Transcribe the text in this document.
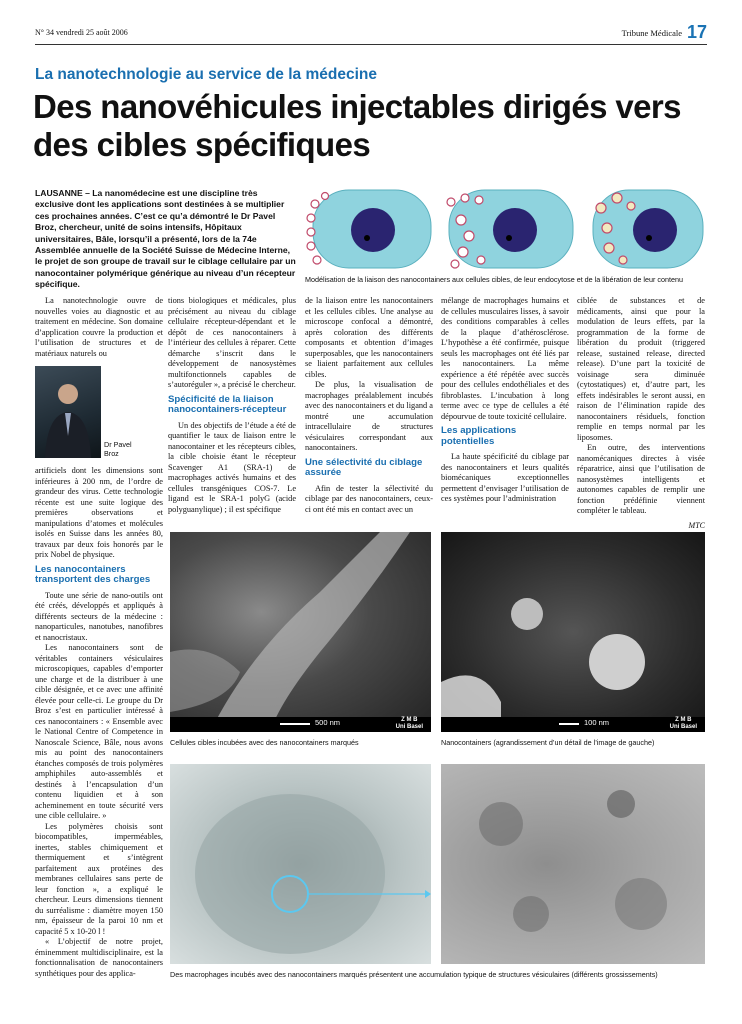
N° 34 vendredi 25 août 2006	Tribune Médicale 17
La nanotechnologie au service de la médecine
Des nanovéhicules injectables dirigés vers des cibles spécifiques
LAUSANNE – La nanomédecine est une discipline très exclusive dont les applications sont destinées à se multiplier ces prochaines années. C’est ce qu’a démontré le Dr Pavel Broz, chercheur, unité de soins intensifs, Hôpitaux universitaires, Bâle, lorsqu’il a présenté, lors de la 74e Assemblée annuelle de la Société Suisse de Médecine Interne, le projet de son groupe de travail sur le ciblage cellulaire par un nanocontainer polymérique générique au niveau d’un récepteur spécifique.	Modélisation de la liaison des nanocontainers aux cellules cibles, de leur endocytose et de la libération de leur contenu

La nanotechnologie ouvre de nouvelles voies au diagnostic et au traitement en médecine. Son domaine d’application couvre la production et l’utilisation de structures et de matériaux naturels ou

Dr Pavel
Broz

artificiels dont les dimensions sont inférieures à 200 nm, de l’ordre de grandeur des virus. Cette technologie récente est une suite logique des premières observations et manipulations d’atomes et molécules isolés en Suisse dans les années 80, travaux par deux fois honorés par le prix Nobel de physique.

Les nanocontainers transportent des charges

Toute une série de nano-outils ont été créés, développés et appliqués à différents secteurs de la médecine : nanoparticules, nanotubes, nanofibres et nanocristaux.

Les nanocontainers sont de véritables containers vésiculaires microscopiques, capables d’emporter une charge et de la distribuer à une cible désignée, et ce avec une affinité élevée pour celle-ci. Le groupe du Dr Broz s’est en particulier intéressé à ces nanocontainers : « Ensemble avec le National Centre of Competence in Nanoscale Science, Bâle, nous avons mis au point des nanocontainers étanches composés de trois polymères amphiphiles auto-assemblés et destinés à l’encapsulation d’un contenu liquidien et à son acheminement en toute sécurité vers une cible cellulaire. »

Les polymères choisis sont biocompatibles, imperméables, inertes, stables chimiquement et thermiquement et s’intègrent parfaitement aux protéines des membranes cellulaires sans perte de leur fonction », a expliqué le chercheur. Leurs dimensions tiennent du surréalisme : diamètre moyen 150 nm, épaisseur de la paroi 10 nm et capacité 5 x 10-20 l !

« L’objectif de notre projet, éminemment multidisciplinaire, est la fonctionnalisation de nanocontainers synthétiques pour des applica-

tions biologiques et médicales, plus précisément au niveau du ciblage cellulaire récepteur-dépendant et le dépôt de ces nanocontainers à l’intérieur des cellules à réparer. Cette démarche s’inscrit dans le développement de nanosystèmes multifonctionnels capables de s’autoréguler », a précisé le chercheur.

Spécificité de la liaison nanocontainers-récepteur

Un des objectifs de l’étude a été de quantifier le taux de liaison entre le nanocontainer et les récepteurs cibles, la cible choisie étant le récepteur Scavenger A1 (SRA-1) de macrophages activés humains et des cellules transgéniques COS-7. Le ligand est le SRA-1 polyG (acide polyguanylique) ; il est spécifique

de la liaison entre les nanocontainers et les cellules cibles. Une analyse au microscope confocal a démontré, après coloration des différents composants et obtention d’images superposables, que les nanocontainers se liaient parfaitement aux cellules cibles.

De plus, la visualisation de macrophages préalablement incubés avec des nanocontainers et du ligand a montré une accumulation intracellulaire de structures vésiculaires correspondant aux nanocontainers.

Une sélectivité du ciblage assurée

Afin de tester la sélectivité du ciblage par des nanocontainers, ceux-ci ont été mis en contact avec un

mélange de macrophages humains et de cellules musculaires lisses, à savoir des conditions comparables à celles de la plaque d’athérosclérose. L’hypothèse a été confirmée, puisque seuls les macrophages ont été liés par les nanocontainers. La même expérience a été répétée avec succès pour des cellules endothéliales et des fibroblastes. L’incubation à long terme avec ce type de cellules a été dépourvue de toute toxicité cellulaire.

Les applications potentielles

La haute spécificité du ciblage par des nanocontainers et leurs qualités biomécaniques exceptionnelles permettent d’envisager l’utilisation de ces systèmes pour l’administration

ciblée de substances et de médicaments, ainsi que pour la modulation de leurs effets, par la programmation de la forme de libération du produit (triggered release, sustained release, directed release). D’une part la toxicité de voisinage sera diminuée (cytostatiques) et, d’autre part, les effets indésirables le seront aussi, en raison de l’élimination rapide des nanocontainers résiduels, fonction remplie en temps normal par les liposomes.

En outre, des interventions nanomécaniques directes à visée réparatrice, ainsi que l’utilisation de nanosystèmes intelligents et autonomes capables de remplir une fonction prédéfinie viennent compléter le tableau.

MTC
500 nm	Z M B
Uni Basel
Cellules cibles incubées avec des nanocontainers marqués
100 nm	Z M B
Uni Basel
Nanocontainers (agrandissement d’un détail de l’image de gauche)
Des macrophages incubés avec des nanocontainers marqués présentent une accumulation typique de structures vésiculaires (différents grossissements)
